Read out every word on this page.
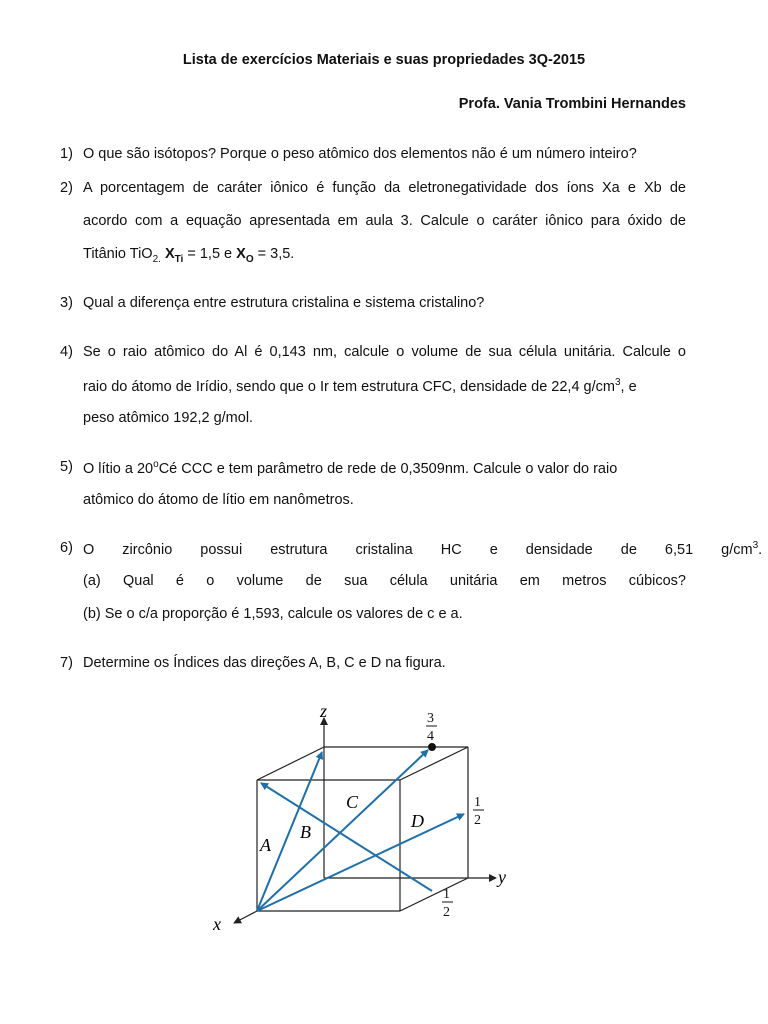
Lista de exercícios Materiais e suas propriedades 3Q-2015
Profa. Vania Trombini Hernandes
1) O que são isótopos? Porque o peso atômico dos elementos não é um número inteiro?
2) A porcentagem de caráter iônico é função da eletronegatividade dos íons Xa e Xb de
acordo com a equação apresentada em aula 3. Calcule o caráter iônico para óxido de
Titânio TiO$_{2.}$ $X_{Ti} = 1,5$ e $X_O = 3,5$.
3) Qual a diferença entre estrutura cristalina e sistema cristalino?
4) Se o raio atômico do Al é 0,143 nm, calcule o volume de sua célula unitária. Calcule o
raio do átomo de Irídio, sendo que o Ir tem estrutura CFC, densidade de 22,4 $g/cm^3$, e
peso atômico 192,2 g/mol.
5) O lítio a 20$^o$Cé CCC e tem parâmetro de rede de 0,3509nm. Calcule o valor do raio
atômico do átomo de lítio em nanômetros.
6) O zircônio possui estrutura cristalina HC e densidade de 6,51 $g/cm^3$.
(a) Qual é o volume de sua célula unitária em metros cúbicos?
(b) Se o c/a proporção é 1,593, calcule os valores de c e a.
7) Determine os Índices das direções A, B, C e D na figura.
z
y
x
A
B
C
D
3
4
1
2
1
2
